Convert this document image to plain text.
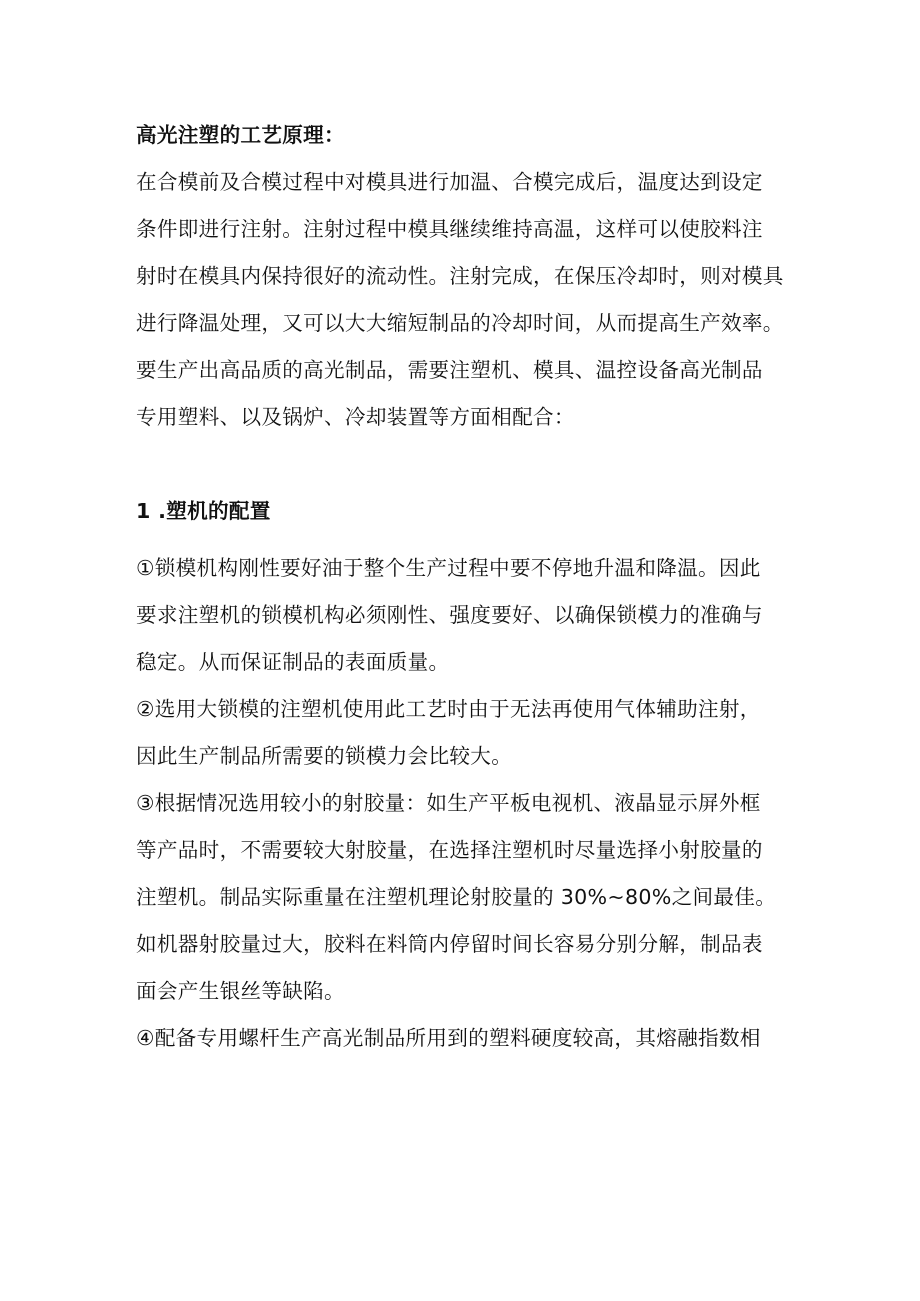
高光注塑的工艺原理：
在合模前及合模过程中对模具进行加温、合模完成后，温度达到设定
条件即进行注射。注射过程中模具继续维持高温，这样可以使胶料注
射时在模具内保持很好的流动性。注射完成，在保压冷却时，则对模具
进行降温处理，又可以大大缩短制品的冷却时间，从而提高生产效率。
要生产出高品质的高光制品，需要注塑机、模具、温控设备高光制品
专用塑料、以及锅炉、冷却装置等方面相配合：
1 .塑机的配置
①锁模机构刚性要好油于整个生产过程中要不停地升温和降温。因此
要求注塑机的锁模机构必须刚性、强度要好、以确保锁模力的准确与
稳定。从而保证制品的表面质量。
②选用大锁模的注塑机使用此工艺时由于无法再使用气体辅助注射，
因此生产制品所需要的锁模力会比较大。
③根据情况选用较小的射胶量：如生产平板电视机、液晶显示屏外框
等产品时，不需要较大射胶量，在选择注塑机时尽量选择小射胶量的
注塑机。制品实际重量在注塑机理论射胶量的 30%~80%之间最佳。
如机器射胶量过大，胶料在料筒内停留时间长容易分别分解，制品表
面会产生银丝等缺陷。
④配备专用螺杆生产高光制品所用到的塑料硬度较高，其熔融指数相
